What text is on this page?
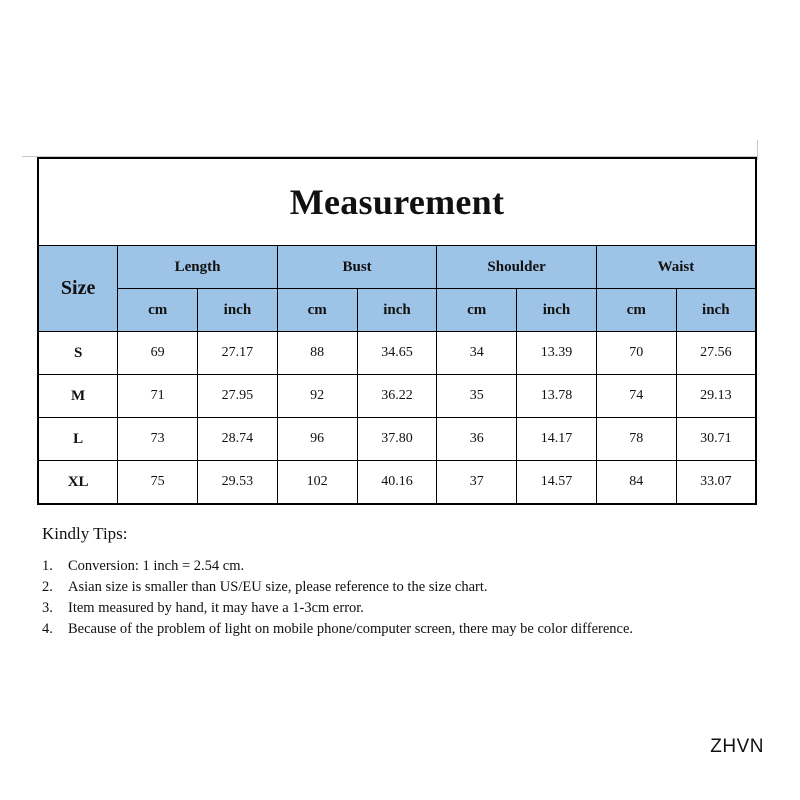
Measurement								
Size	Length		Bust		Shoulder		Waist	
	cm	inch	cm	inch	cm	inch	cm	inch
S	69	27.17	88	34.65	34	13.39	70	27.56
M	71	27.95	92	36.22	35	13.78	74	29.13
L	73	28.74	96	37.80	36	14.17	78	30.71
XL	75	29.53	102	40.16	37	14.57	84	33.07
Kindly Tips:
1.	Conversion: 1 inch = 2.54 cm.
2.	Asian size is smaller than US/EU size, please reference to the size chart.
3.	Item measured by hand, it may have a 1-3cm error.
4.	Because of the problem of light on mobile phone/computer screen, there may be color difference.
ZHVN
